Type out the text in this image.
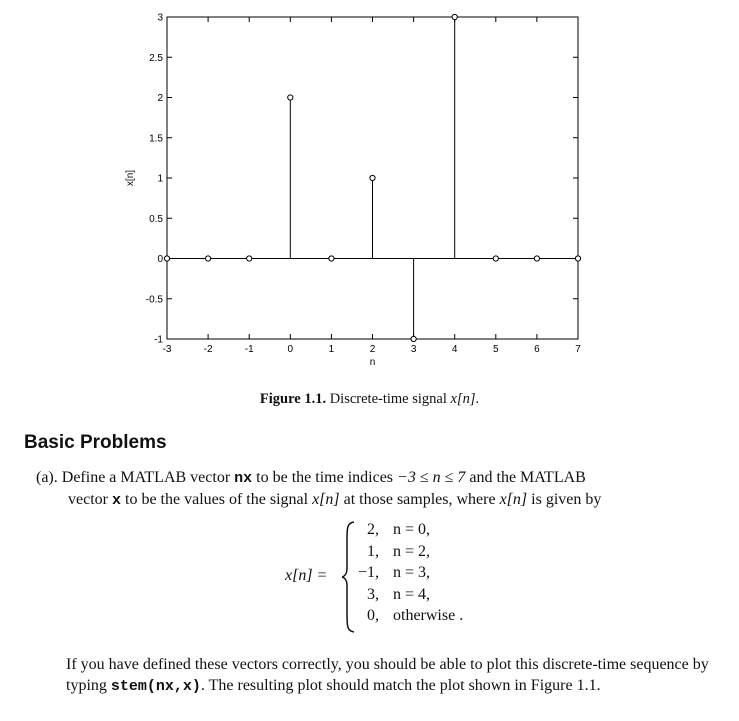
-3	-2	-1	0	1	2	3	4	5	6	7
-1
-0.5
0
0.5
1
1.5
2
2.5
3
n
x[n]
Figure 1.1. Discrete-time signal x[n].
Basic Problems
(a). Define a MATLAB vector nx to be the time indices −3 ≤ n ≤ 7 and the MATLAB
vector x to be the values of the signal x[n] at those samples, where x[n] is given by
x[n] =
2, n = 0,
1, n = 2,
−1, n = 3,
3, n = 4,
0, otherwise .
If you have defined these vectors correctly, you should be able to plot this discrete-time sequence by typing stem(nx,x). The resulting plot should match the plot shown in Figure 1.1.
